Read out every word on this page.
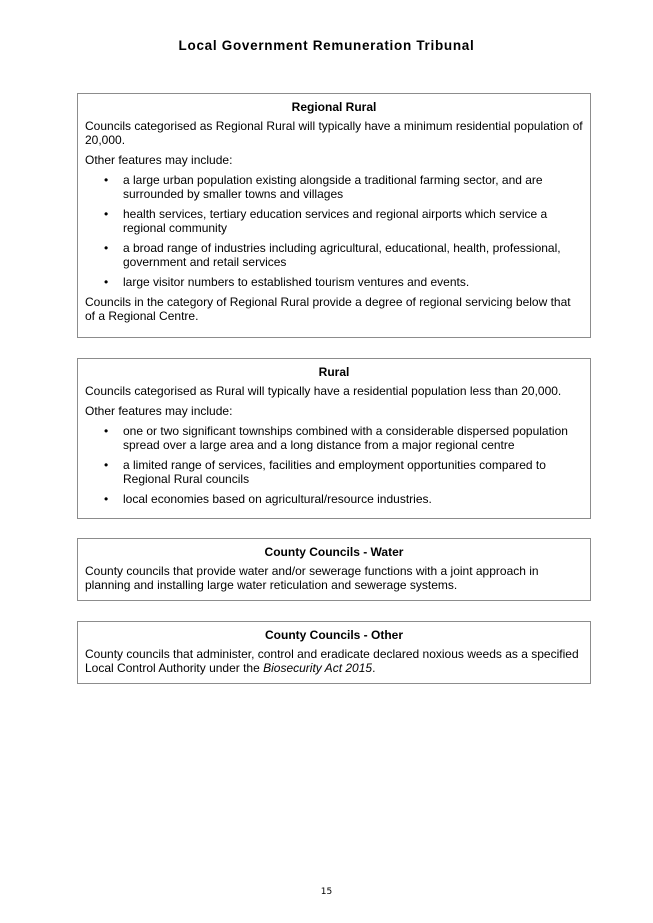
Local Government Remuneration Tribunal
Regional Rural

Councils categorised as Regional Rural will typically have a minimum residential population of 20,000.

Other features may include:

• a large urban population existing alongside a traditional farming sector, and are surrounded by smaller towns and villages
• health services, tertiary education services and regional airports which service a regional community
• a broad range of industries including agricultural, educational, health, professional, government and retail services
• large visitor numbers to established tourism ventures and events.

Councils in the category of Regional Rural provide a degree of regional servicing below that of a Regional Centre.

Rural

Councils categorised as Rural will typically have a residential population less than 20,000.

Other features may include:

• one or two significant townships combined with a considerable dispersed population spread over a large area and a long distance from a major regional centre
• a limited range of services, facilities and employment opportunities compared to Regional Rural councils
• local economies based on agricultural/resource industries.
County Councils - Water

County councils that provide water and/or sewerage functions with a joint approach in planning and installing large water reticulation and sewerage systems.

County Councils - Other

County councils that administer, control and eradicate declared noxious weeds as a specified Local Control Authority under the Biosecurity Act 2015.

15
